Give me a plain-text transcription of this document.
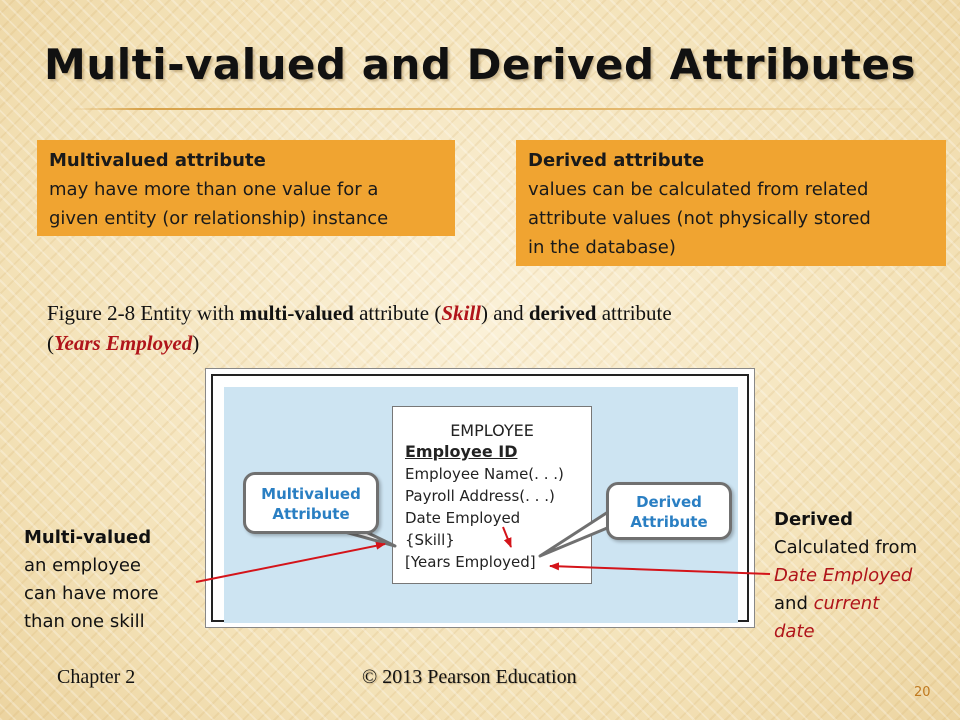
Multi-valued and Derived Attributes
Multivalued attribute
may have more than one value for a
given entity (or relationship) instance
Derived attribute
values can be calculated from related
attribute values (not physically stored
in the database)
Figure 2-8 Entity with multi-valued attribute (Skill) and derived attribute
(Years Employed)
EMPLOYEE
Employee ID
Employee Name(. . .)
Payroll Address(. . .)
Date Employed
{Skill}
[Years Employed]
Multivalued
Attribute
Derived
Attribute
Multi-valued
an employee
can have more
than one skill
Derived
Calculated from
Date Employed
and current
date
Chapter 2	© 2013 Pearson Education
20
